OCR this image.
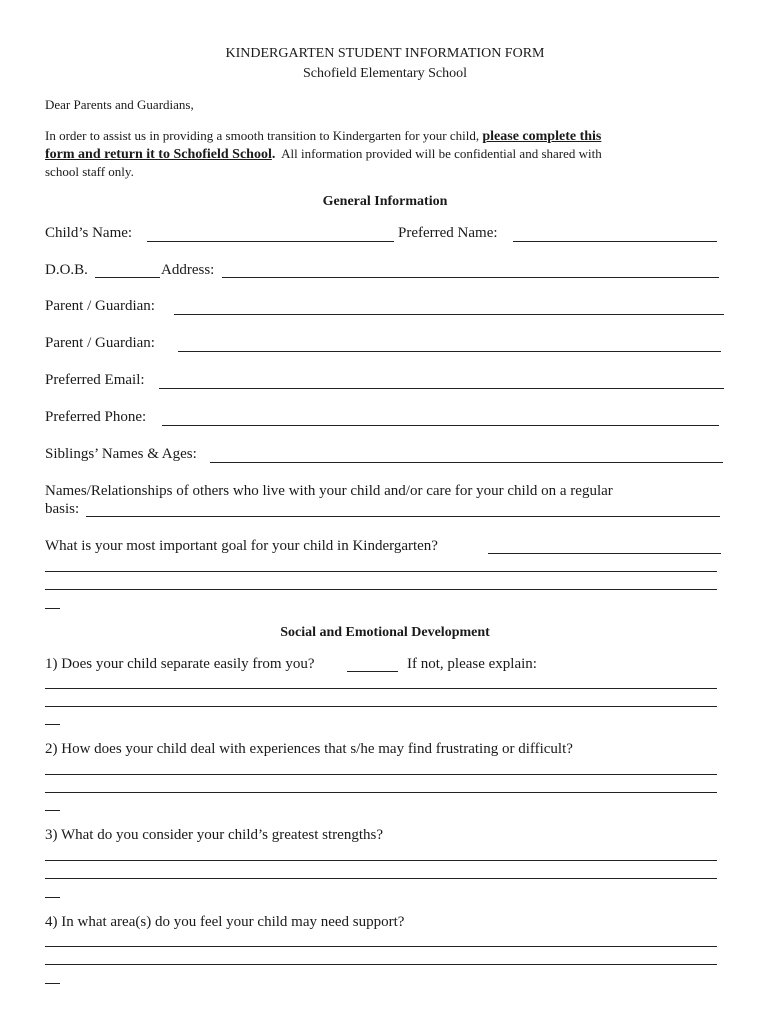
KINDERGARTEN STUDENT INFORMATION FORM
Schofield Elementary School
Dear Parents and Guardians,
In order to assist us in providing a smooth transition to Kindergarten for your child, please complete this
form and return it to Schofield School.  All information provided will be confidential and shared with
school staff only.
General Information
Child’s Name:	Preferred Name:
D.O.B.	Address:
Parent / Guardian:
Parent / Guardian:
Preferred Email:
Preferred Phone:
Siblings’ Names & Ages:
Names/Relationships of others who live with your child and/or care for your child on a regular
basis:
What is your most important goal for your child in Kindergarten?
Social and Emotional Development
1) Does your child separate easily from you?	If not, please explain:
2) How does your child deal with experiences that s/he may find frustrating or difficult?
3) What do you consider your child’s greatest strengths?
4) In what area(s) do you feel your child may need support?
